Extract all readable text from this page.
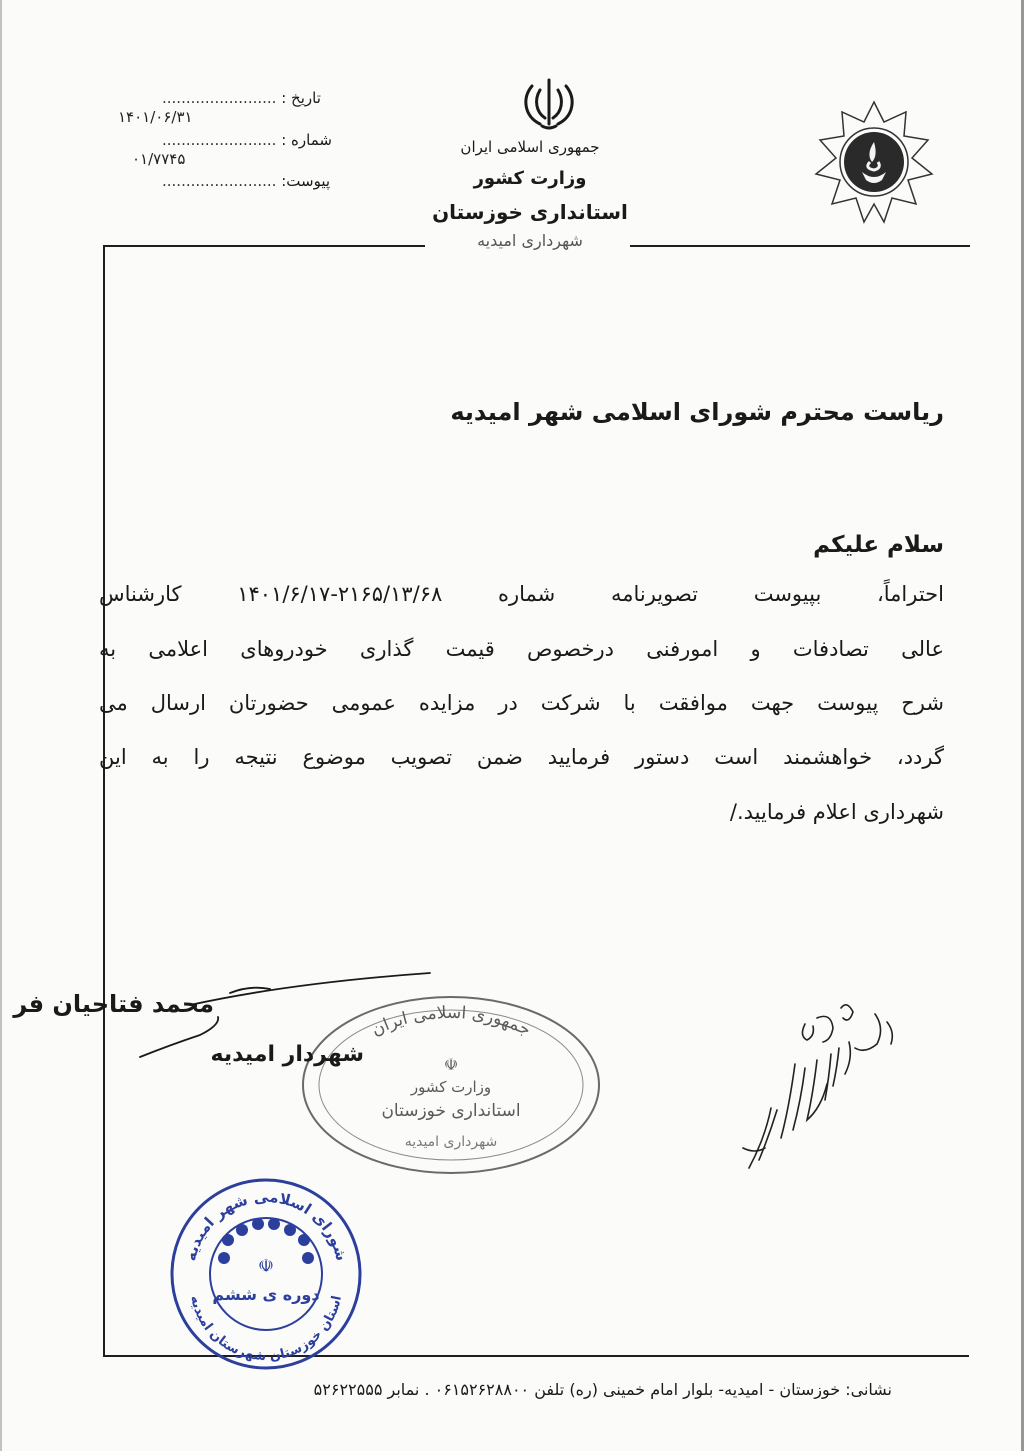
تاریخ : ........................
۱۴۰۱/۰۶/۳۱
شماره : ........................
۰۱/۷۷۴۵
پیوست: ........................
جمهوری اسلامی ایران
وزارت کشور
استانداری خوزستان
شهرداری امیدیه
ریاست محترم شورای اسلامی شهر امیدیه
سلام علیکم
احتراماً، بپیوست تصویرنامه شماره ۲۱۶۵/۱۳/۶۸-۱۴۰۱/۶/۱۷ کارشناس
عالی تصادفات و امورفنی درخصوص قیمت گذاری خودروهای اعلامی به
شرح پیوست جهت موافقت با شرکت در مزایده عمومی حضورتان ارسال می
گردد، خواهشمند است دستور فرمایید ضمن تصویب موضوع نتیجه را به این
شهرداری اعلام فرمایید./
جمهوری اسلامی ایران
☫
وزارت کشور
استانداری خوزستان
شهرداری امیدیه
محمد فتاحیان فر
شهردار امیدیه
شورای اسلامی شهر امیدیه
استان خوزستان شهرستان امیدیه
☫
دوره ی ششم
نشانی: خوزستان - امیدیه- بلوار امام خمینی (ره) تلفن ۰۶۱۵۲۶۲۸۸۰۰ . نمابر ۵۲۶۲۲۵۵۵
